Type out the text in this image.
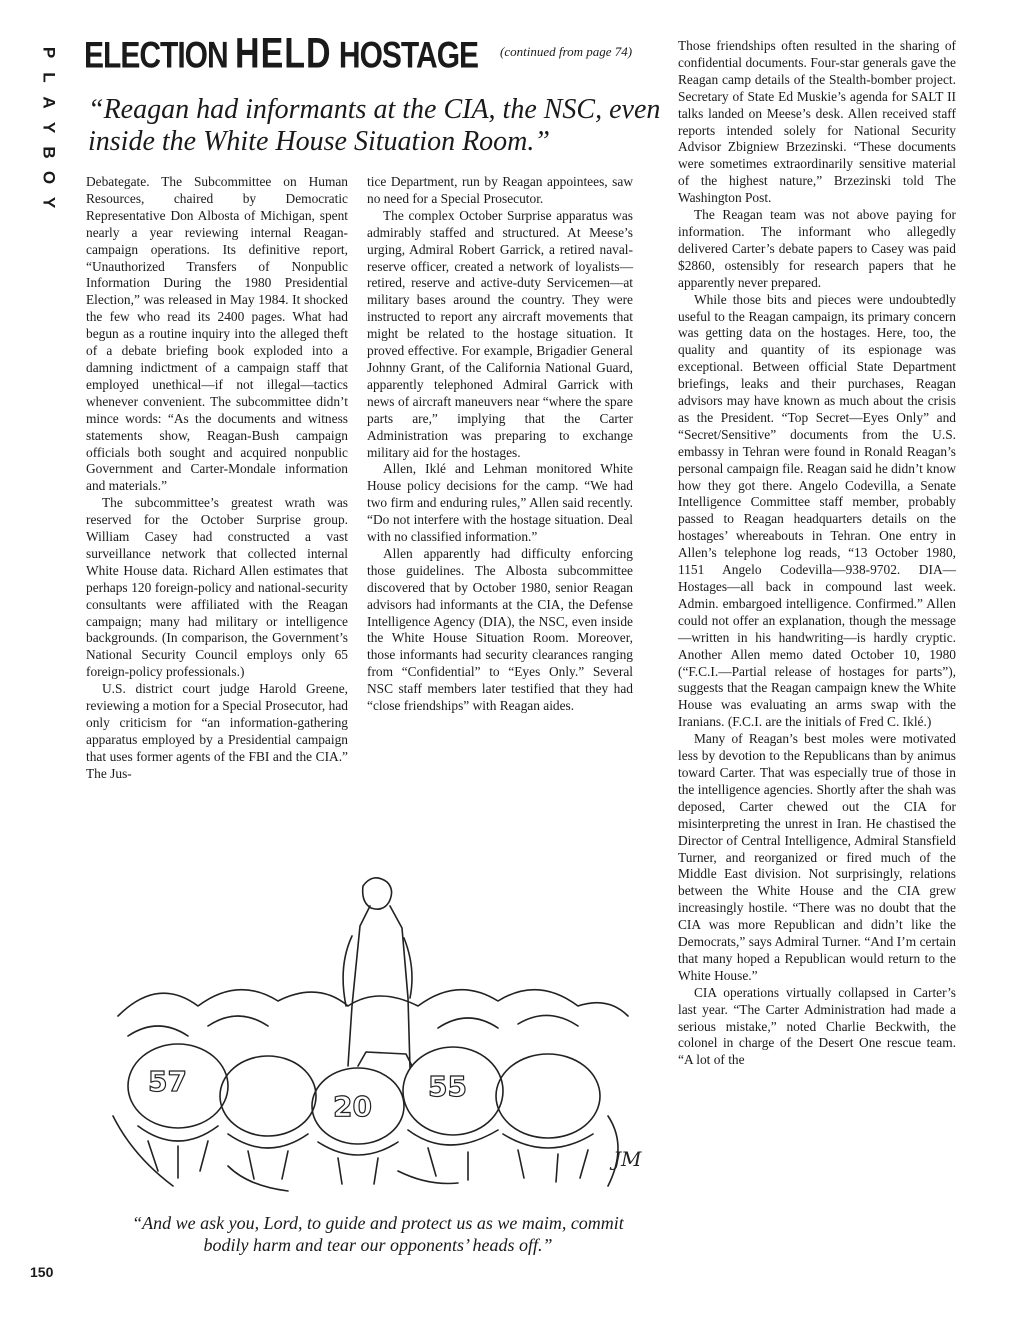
P
L
A
Y
B
O
Y
ELECTION HELD HOSTAGE (continued from page 74)
“Reagan had informants at the CIA, the NSC, even inside the White House Situation Room.”

Debategate. The Subcommittee on Human Resources, chaired by Democratic Representative Don Albosta of Michigan, spent nearly a year reviewing internal Reagan-campaign operations. Its definitive report, “Unauthorized Transfers of Nonpublic Information During the 1980 Presidential Election,” was released in May 1984. It shocked the few who read its 2400 pages. What had begun as a routine inquiry into the alleged theft of a debate briefing book exploded into a damning indictment of a campaign staff that employed unethical—if not illegal—tactics whenever convenient. The subcommittee didn’t mince words: “As the documents and witness statements show, Reagan-Bush campaign officials both sought and acquired nonpublic Government and Carter-Mondale information and materials.”

The subcommittee’s greatest wrath was reserved for the October Surprise group. William Casey had constructed a vast surveillance network that collected internal White House data. Richard Allen estimates that perhaps 120 foreign-policy and national-security consultants were affiliated with the Reagan campaign; many had military or intelligence backgrounds. (In comparison, the Government’s National Security Council employs only 65 foreign-policy professionals.)

U.S. district court judge Harold Greene, reviewing a motion for a Special Prosecutor, had only criticism for “an information-gathering apparatus employed by a Presidential campaign that uses former agents of the FBI and the CIA.” The Jus-

tice Department, run by Reagan appointees, saw no need for a Special Prosecutor.

The complex October Surprise apparatus was admirably staffed and structured. At Meese’s urging, Admiral Robert Garrick, a retired naval-reserve officer, created a network of loyalists—retired, reserve and active-duty Servicemen—at military bases around the country. They were instructed to report any aircraft movements that might be related to the hostage situation. It proved effective. For example, Brigadier General Johnny Grant, of the California National Guard, apparently telephoned Admiral Garrick with news of aircraft maneuvers near “where the spare parts are,” implying that the Carter Administration was preparing to exchange military aid for the hostages.

Allen, Iklé and Lehman monitored White House policy decisions for the camp. “We had two firm and enduring rules,” Allen said recently. “Do not interfere with the hostage situation. Deal with no classified information.”

Allen apparently had difficulty enforcing those guidelines. The Albosta subcommittee discovered that by October 1980, senior Reagan advisors had informants at the CIA, the Defense Intelligence Agency (DIA), the NSC, even inside the White House Situation Room. Moreover, those informants had security clearances ranging from “Confidential” to “Eyes Only.” Several NSC staff members later testified that they had “close friendships” with Reagan aides.

Those friendships often resulted in the sharing of confidential documents. Four-star generals gave the Reagan camp details of the Stealth-bomber project. Secretary of State Ed Muskie’s agenda for SALT II talks landed on Meese’s desk. Allen received staff reports intended solely for National Security Advisor Zbigniew Brzezinski. “These documents were sometimes extraordinarily sensitive material of the highest nature,” Brzezinski told The Washington Post.

The Reagan team was not above paying for information. The informant who allegedly delivered Carter’s debate papers to Casey was paid $2860, ostensibly for research papers that he apparently never prepared.

While those bits and pieces were undoubtedly useful to the Reagan campaign, its primary concern was getting data on the hostages. Here, too, the quality and quantity of its espionage was exceptional. Between official State Department briefings, leaks and their purchases, Reagan advisors may have known as much about the crisis as the President. “Top Secret—Eyes Only” and “Secret/Sensitive” documents from the U.S. embassy in Tehran were found in Ronald Reagan’s personal campaign file. Reagan said he didn’t know how they got there. Angelo Codevilla, a Senate Intelligence Committee staff member, probably passed to Reagan headquarters details on the hostages’ whereabouts in Tehran. One entry in Allen’s telephone log reads, “13 October 1980, 1151 Angelo Codevilla—938-9702. DIA—Hostages—all back in compound last week. Admin. embargoed intelligence. Confirmed.” Allen could not offer an explanation, though the message—written in his handwriting—is hardly cryptic. Another Allen memo dated October 10, 1980 (“F.C.I.—Partial release of hostages for parts”), suggests that the Reagan campaign knew the White House was evaluating an arms swap with the Iranians. (F.C.I. are the initials of Fred C. Iklé.)

Many of Reagan’s best moles were motivated less by devotion to the Republicans than by animus toward Carter. That was especially true of those in the intelligence agencies. Shortly after the shah was deposed, Carter chewed out the CIA for misinterpreting the unrest in Iran. He chastised the Director of Central Intelligence, Admiral Stansfield Turner, and reorganized or fired much of the Middle East division. Not surprisingly, relations between the White House and the CIA grew increasingly hostile. “There was no doubt that the CIA was more Republican and didn’t like the Democrats,” says Admiral Turner. “And I’m certain that many hoped a Republican would return to the White House.”

CIA operations virtually collapsed in Carter’s last year. “The Carter Administration had made a serious mistake,” noted Charlie Beckwith, the colonel in charge of the Desert One rescue team. “A lot of the

57
20
55
JM
“And we ask you, Lord, to guide and protect us as we maim, commit bodily harm and tear our opponents’ heads off.”
150
